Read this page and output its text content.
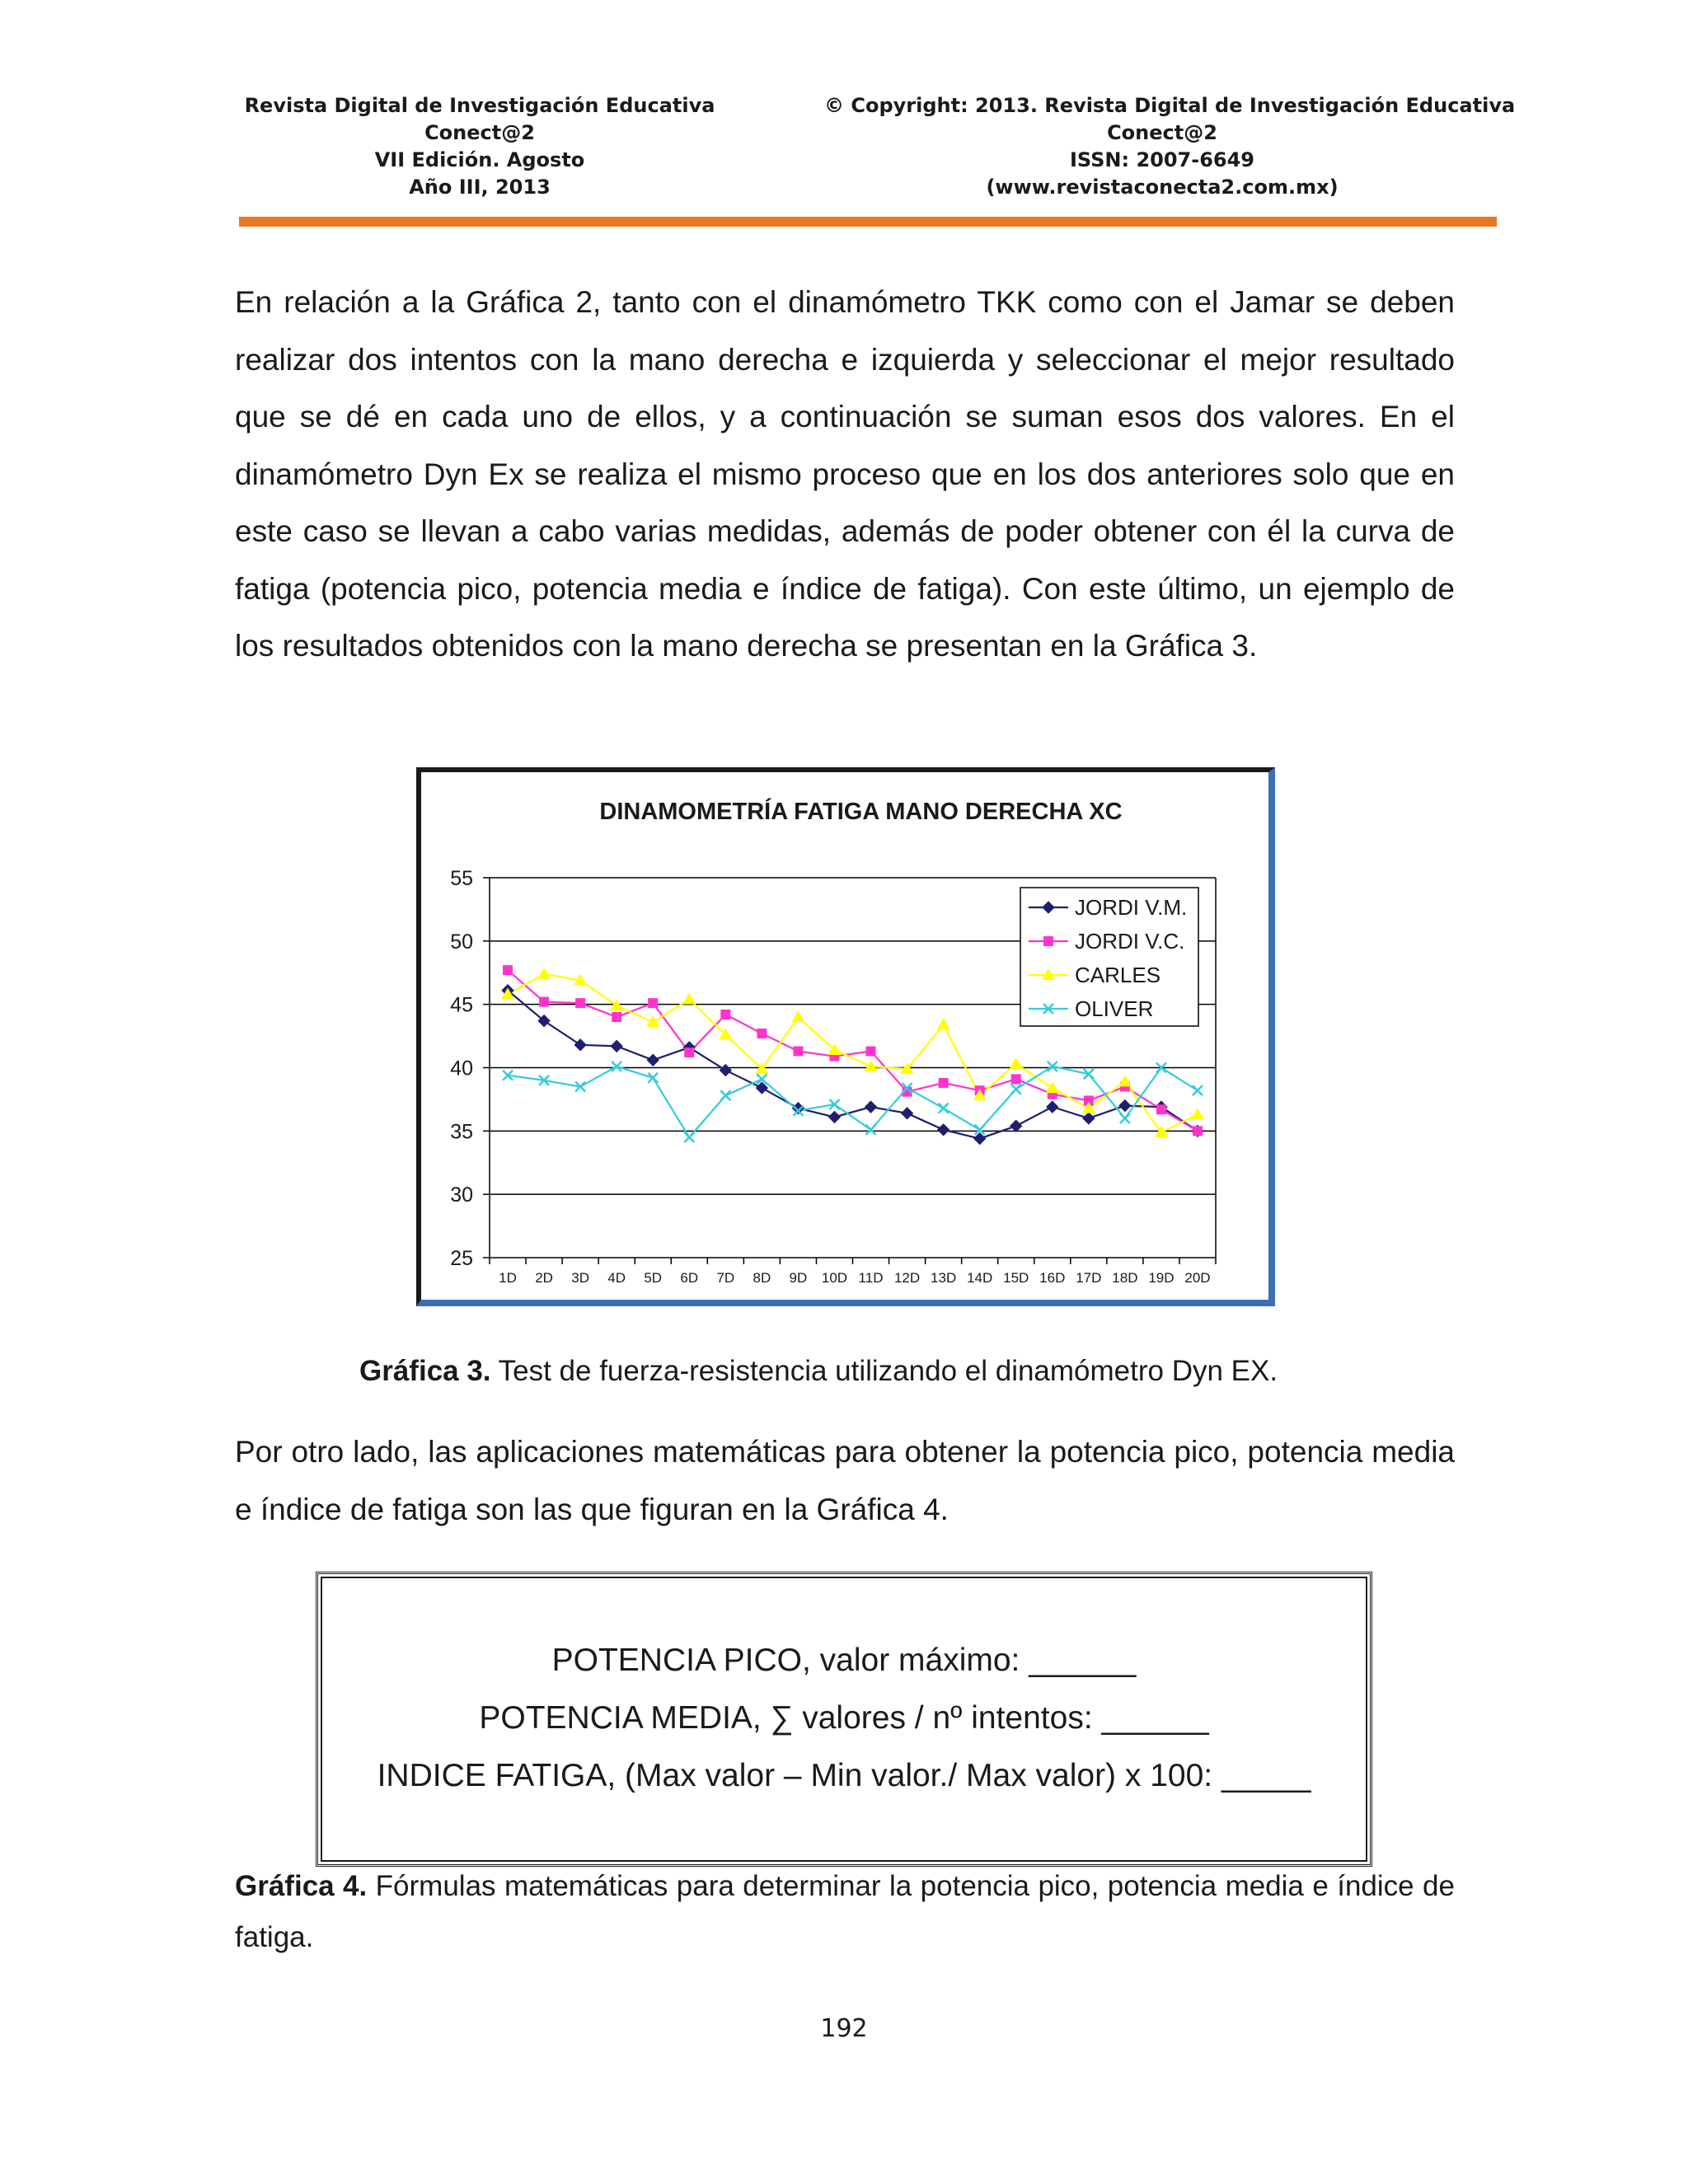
Revista Digital de Investigación Educativa
Conect@2
VII Edición. Agosto
Año III, 2013
© Copyright: 2013. Revista Digital de Investigación Educativa
Conect@2
ISSN: 2007-6649
(www.revistaconecta2.com.mx)

En relación a la Gráfica 2, tanto con el dinamómetro TKK como con el Jamar se deben realizar dos intentos con la mano derecha e izquierda y seleccionar el mejor resultado que se dé en cada uno de ellos, y a continuación se suman esos dos valores. En el dinamómetro Dyn Ex se realiza el mismo proceso que en los dos anteriores solo que en este caso se llevan a cabo varias medidas, además de poder obtener con él la curva de fatiga (potencia pico, potencia media e índice de fatiga). Con este último, un ejemplo de los resultados obtenidos con la mano derecha se presentan en la Gráfica 3.

DINAMOMETRÍA FATIGA MANO DERECHA XC
25
30
35
40
45
50
55
1D 2D 3D 4D 5D 6D 7D 8D 9D 10D 11D 12D 13D 14D 15D 16D 17D 18D 19D 20D
JORDI V.M.
JORDI V.C.
CARLES
OLIVER
Gráfica 3. Test de fuerza-resistencia utilizando el dinamómetro Dyn EX.

Por otro lado, las aplicaciones matemáticas para obtener la potencia pico, potencia media e índice de fatiga son las que figuran en la Gráfica 4.

POTENCIA PICO, valor máximo: ______
POTENCIA MEDIA, ∑ valores / nº intentos: ______
INDICE FATIGA, (Max valor – Min valor./ Max valor) x 100: _____
Gráfica 4. Fórmulas matemáticas para determinar la potencia pico, potencia media e índice de fatiga.
192
